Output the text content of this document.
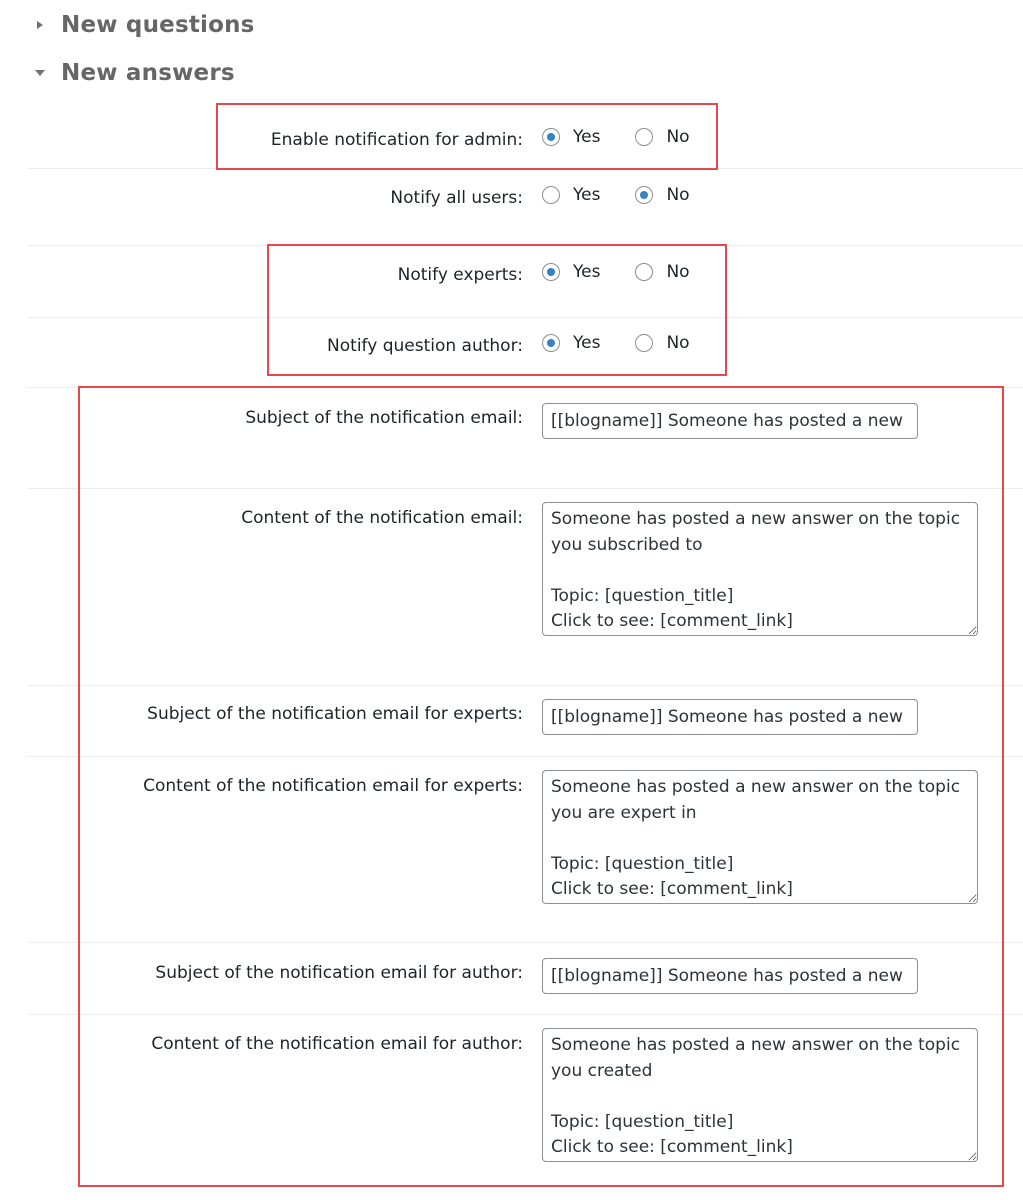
New questions
New answers
Enable notification for admin:	Yes	No
Notify all users:	Yes	No
Notify experts:	Yes	No
Notify question author:	Yes	No
Subject of the notification email:
[[blogname]] Someone has posted a new answer
Content of the notification email:
Someone has posted a new answer on the topic you subscribed to Topic: [question_title] Click to see: [comment_link]
Subject of the notification email for experts:
[[blogname]] Someone has posted a new answer
Content of the notification email for experts:
Someone has posted a new answer on the topic you are expert in Topic: [question_title] Click to see: [comment_link]
Subject of the notification email for author:
[[blogname]] Someone has posted a new answer
Content of the notification email for author:
Someone has posted a new answer on the topic you created Topic: [question_title] Click to see: [comment_link]
